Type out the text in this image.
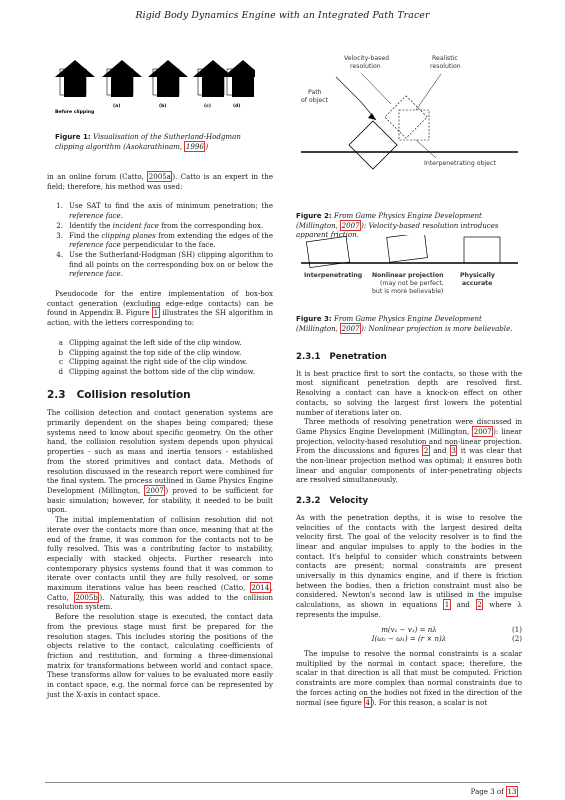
Rigid Body Dynamics Engine with an Integrated Path Tracer
Before clipping
(a)	(b)	(c)	(d)
Figure 1: Visualisation of the Sutherland-Hodgman clipping algorithm (Asokarathinam, 1996 )
Velocity-based
resolution
Realistic
resolution
Path
of object
Interpenetrating object
Figure 2: From Game Physics Engine Development (Millington, 2007 ): Velocity-based resolution introduces apparent friction.
Interpenetrating Nonlinear projection
(may not be perfect,
but is more believable)
Physically
accurate
Figure 3: From Game Physics Engine Development (Millington, 2007 ): Nonlinear projection is more believable.

in an online forum (Catto, 2005a ). Catto is an expert in the field; therefore, his method was used:

1. Use SAT to find the axis of minimum penetration; the reference face.
2. Identify the incident face from the corresponding box.
3. Find the clipping planes from extending the edges of the reference face perpendicular to the face.
4. Use the Sutherland-Hodgman (SH) clipping algorithm to find all points on the corresponding box on or below the reference face.

Pseudocode for the entire implementation of box-box contact generation (excluding edge-edge contacts) can be found in Appendix B. Figure 1 illustrates the SH algorithm in action, with the letters corresponding to:

a Clipping against the left side of the clip window.
b Clipping against the top side of the clip window.
c Clipping against the right side of the clip window.
d Clipping against the bottom side of the clip window.
2.3 Collision resolution

The collision detection and contact generation systems are primarily dependent on the shapes being compared; these systems need to know about specific geometry. On the other hand, the collision resolution system depends upon physical properties - such as mass and inertia tensors - established from the stored primitives and contact data. Methods of resolution discussed in the research report were combined for the final system. The process outlined in Game Physics Engine Development (Millington, 2007 ) proved to be sufficient for basic simulation; however, for stability, it needed to be built upon.

The initial implementation of collision resolution did not iterate over the contacts more than once, meaning that at the end of the frame, it was common for the contacts not to be fully resolved. This was a contributing factor to instability, especially with stacked objects. Further research into contemporary physics systems found that it was common to iterate over contacts until they are fully resolved, or some maximum iterations value has been reached (Catto, 2014 , Catto, 2005b ). Naturally, this was added to the collision resolution system.

Before the resolution stage is executed, the contact data from the previous stage must first be prepared for the resolution stages. This includes storing the positions of the objects relative to the contact, calculating coefficients of friction and restitution, and forming a three-dimensional matrix for transformations between world and contact space. These transforms allow for values to be evaluated more easily in contact space, e.g. the normal force can be represented by just the X-axis in contact space.

2.3.1 Penetration

It is best practice first to sort the contacts, so those with the most significant penetration depth are resolved first. Resolving a contact can have a knock-on effect on other contacts, so solving the largest first lowers the potential number of iterations later on.

Three methods of resolving penetration were discussed in Game Physics Engine Development (Millington, 2007 ): linear projection, velocity-based resolution and non-linear projection. From the discussions and figures 2 and 3 it was clear that the non-linear projection method was optimal; it ensures both linear and angular components of inter-penetrating objects are resolved simultaneously.

2.3.2 Velocity

As with the penetration depths, it is wise to resolve the velocities of the contacts with the largest desired delta velocity first. The goal of the velocity resolver is to find the linear and angular impulses to apply to the bodies in the contact. It's helpful to consider which constraints between contacts are present; normal constraints are present universally in this dynamics engine, and if there is friction between the bodies, then a friction constraint must also be considered. Newton's second law is utilised in the impulse calculations, as shown in equations 1 and 2 where λ represents the impulse.

m(v₂ − v₁) = nλ	(1)
I(ω₂ − ω₁) = (r × n)λ	(2)

The impulse to resolve the normal constraints is a scalar multiplied by the normal in contact space; therefore, the scalar in that direction is all that must be computed. Friction constraints are more complex than normal constraints due to the forces acting on the bodies not fixed in the direction of the normal (see figure 4 ). For this reason, a scalar is not

Page 3 of 13
